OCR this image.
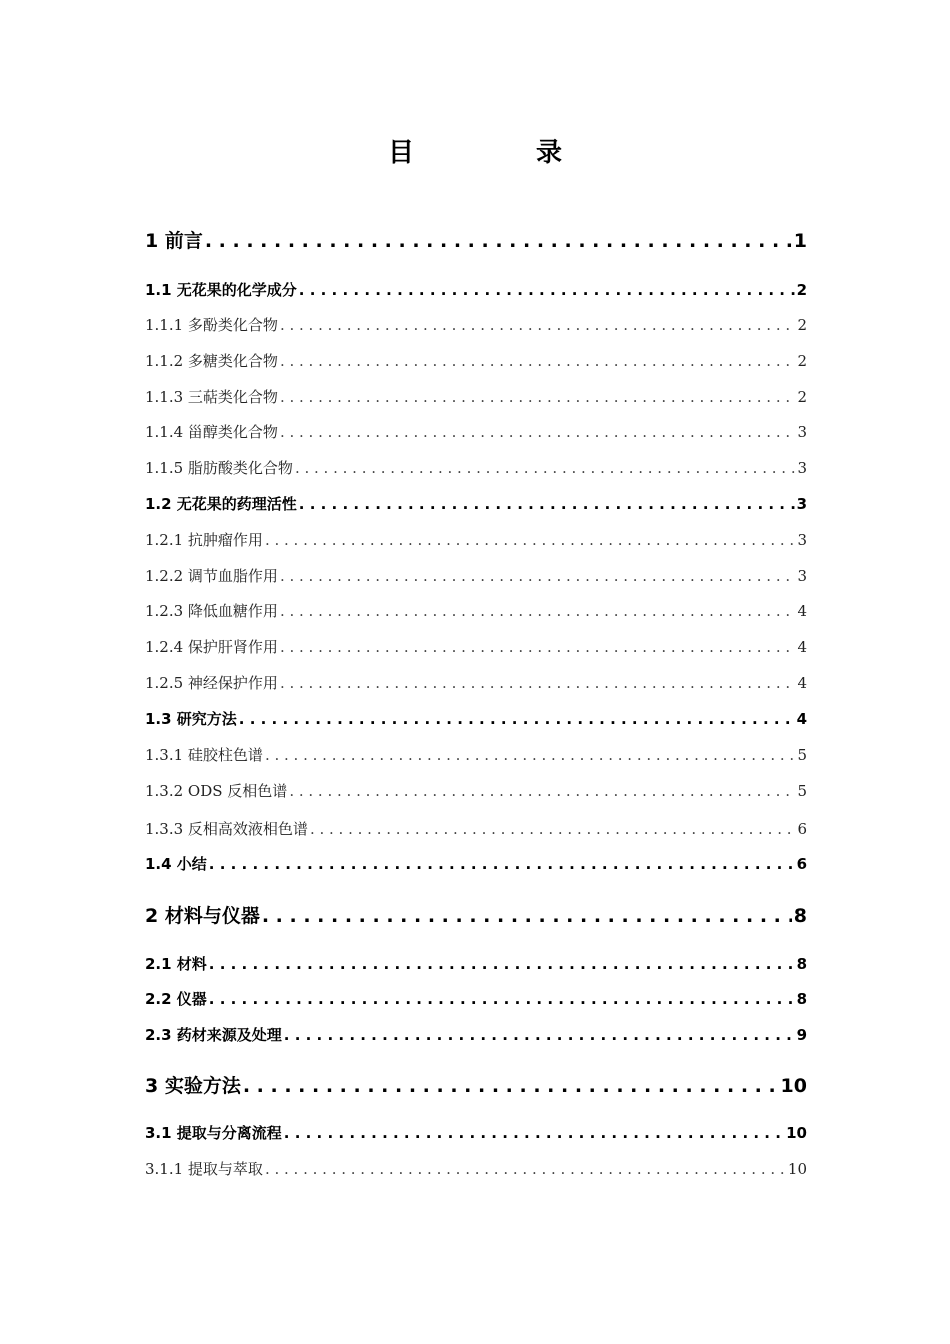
目　录
1 前言 . . .	1
1.1 无花果的化学成分 . . .	2
1.1.1 多酚类化合物 . . .	2
1.1.2 多糖类化合物 . . .	2
1.1.3 三萜类化合物 . . .	2
1.1.4 甾醇类化合物 . . .	3
1.1.5 脂肪酸类化合物 . . .	3
1.2 无花果的药理活性 . . .	3
1.2.1 抗肿瘤作用 . . .	3
1.2.2 调节血脂作用 . . .	3
1.2.3 降低血糖作用 . . .	4
1.2.4 保护肝肾作用 . . .	4
1.2.5 神经保护作用 . . .	4
1.3 研究方法 . . .	4
1.3.1 硅胶柱色谱 . . .	5
1.3.2 ODS 反相色谱 . . .	5
1.3.3 反相高效液相色谱 . . .	6
1.4 小结 . . .	6
2 材料与仪器 . . .	8
2.1 材料 . . .	8
2.2 仪器 . . .	8
2.3 药材来源及处理 . . .	9
3 实验方法 . . .	10
3.1 提取与分离流程 . . .	10
3.1.1 提取与萃取 . . .	10
